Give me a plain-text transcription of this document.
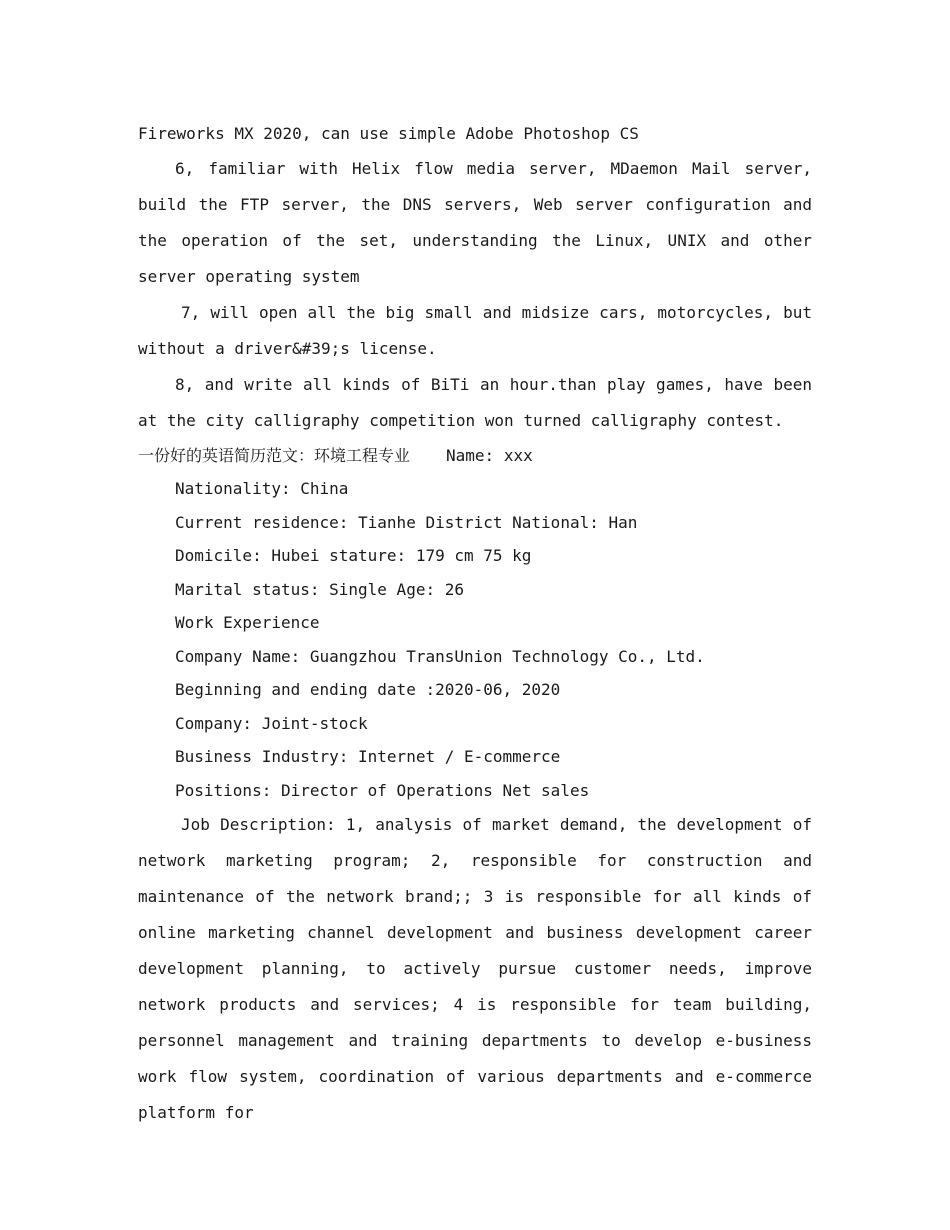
Fireworks MX 2020, can use simple Adobe Photoshop CS

6, familiar with Helix flow media server, MDaemon Mail server, build the FTP server, the DNS servers, Web server configuration and the operation of the set, understanding the Linux, UNIX and other server operating system

7, will open all the big small and midsize cars, motorcycles, but without a driver&#39;s license.

8, and write all kinds of BiTi an hour.than play games, have been at the city calligraphy competition won turned calligraphy contest.

一份好的英语简历范文：环境工程专业 Name: xxx

Nationality: China

Current residence: Tianhe District National: Han

Domicile: Hubei stature: 179 cm 75 kg

Marital status: Single Age: 26

Work Experience

Company Name: Guangzhou TransUnion Technology Co., Ltd.

Beginning and ending date :2020-06, 2020

Company: Joint-stock

Business Industry: Internet / E-commerce

Positions: Director of Operations Net sales

Job Description: 1, analysis of market demand, the development of network marketing program; 2, responsible for construction and maintenance of the network brand;; 3 is responsible for all kinds of online marketing channel development and business development career development planning, to actively pursue customer needs, improve network products and services; 4 is responsible for team building, personnel management and training departments to develop e-business work flow system, coordination of various departments and e-commerce platform for
